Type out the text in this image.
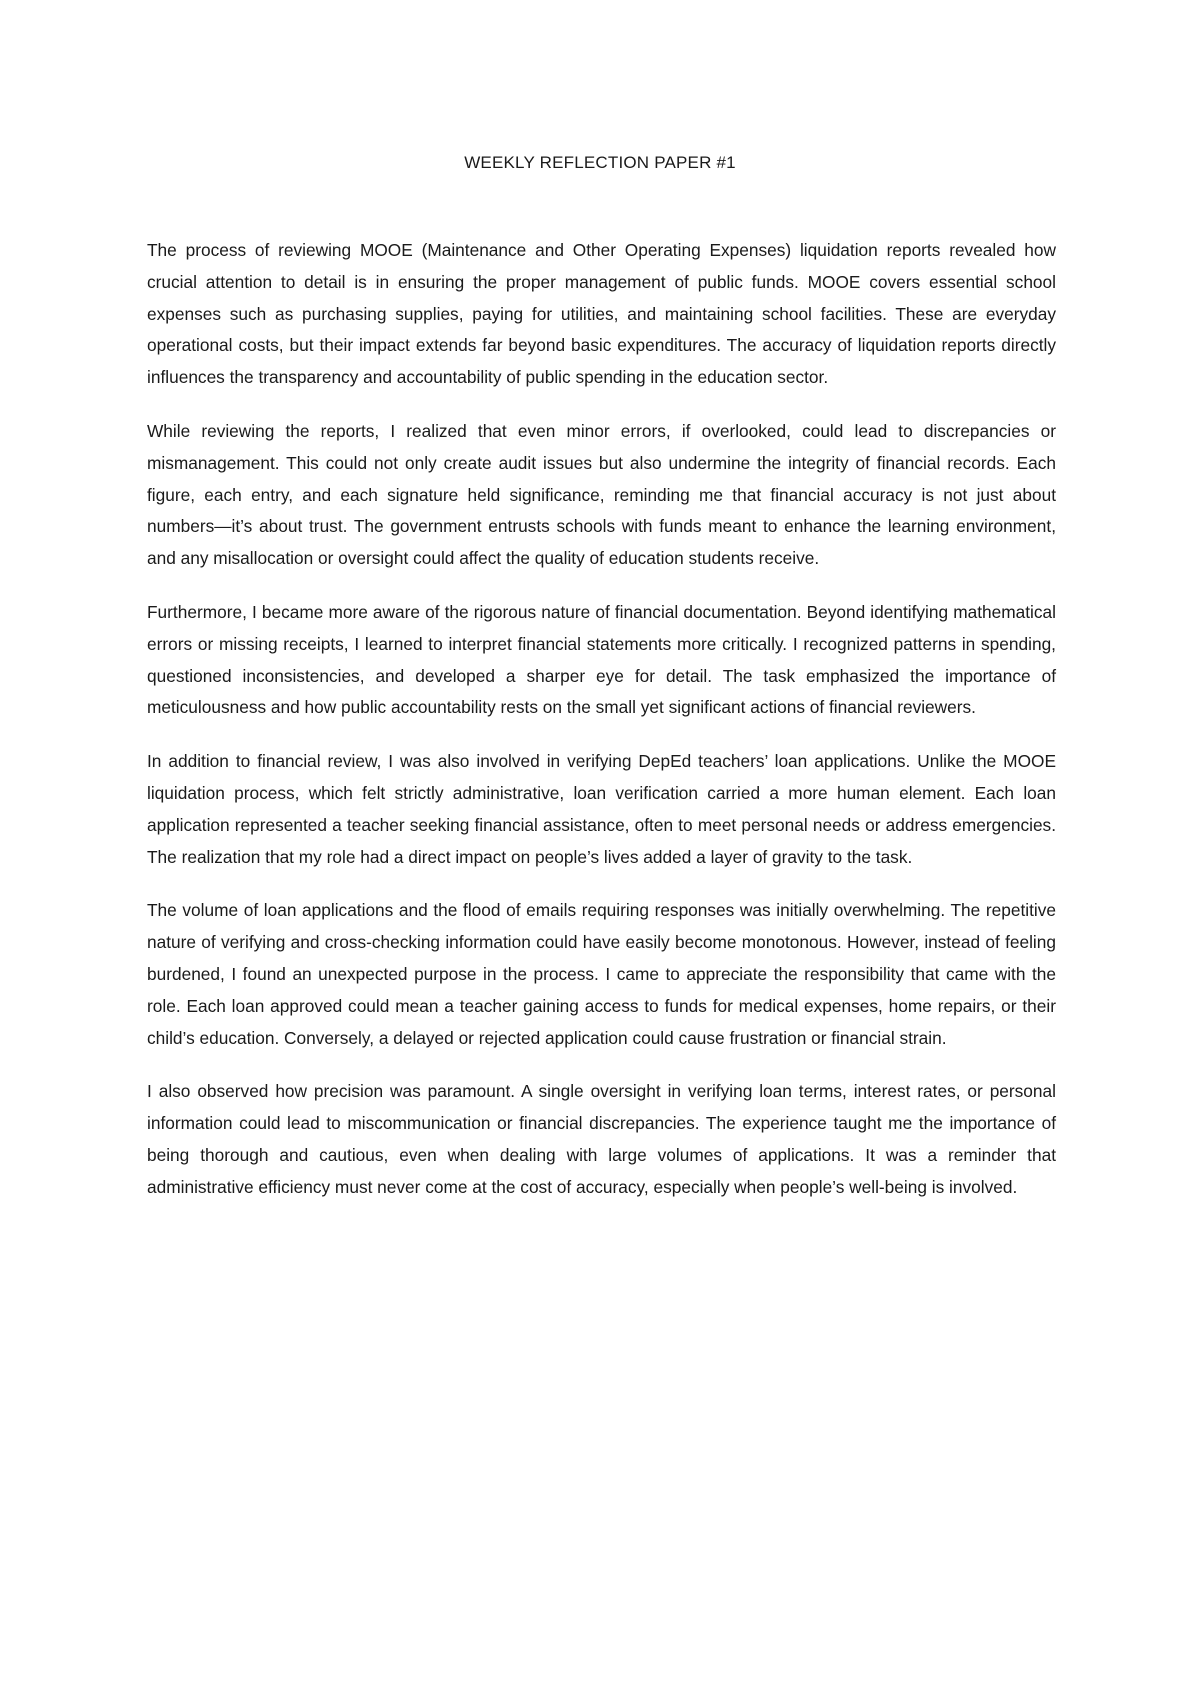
WEEKLY REFLECTION PAPER #1

The process of reviewing MOOE (Maintenance and Other Operating Expenses) liquidation reports revealed how crucial attention to detail is in ensuring the proper management of public funds. MOOE covers essential school expenses such as purchasing supplies, paying for utilities, and maintaining school facilities. These are everyday operational costs, but their impact extends far beyond basic expenditures. The accuracy of liquidation reports directly influences the transparency and accountability of public spending in the education sector.

While reviewing the reports, I realized that even minor errors, if overlooked, could lead to discrepancies or mismanagement. This could not only create audit issues but also undermine the integrity of financial records. Each figure, each entry, and each signature held significance, reminding me that financial accuracy is not just about numbers—it’s about trust. The government entrusts schools with funds meant to enhance the learning environment, and any misallocation or oversight could affect the quality of education students receive.

Furthermore, I became more aware of the rigorous nature of financial documentation. Beyond identifying mathematical errors or missing receipts, I learned to interpret financial statements more critically. I recognized patterns in spending, questioned inconsistencies, and developed a sharper eye for detail. The task emphasized the importance of meticulousness and how public accountability rests on the small yet significant actions of financial reviewers.

In addition to financial review, I was also involved in verifying DepEd teachers’ loan applications. Unlike the MOOE liquidation process, which felt strictly administrative, loan verification carried a more human element. Each loan application represented a teacher seeking financial assistance, often to meet personal needs or address emergencies. The realization that my role had a direct impact on people’s lives added a layer of gravity to the task.

The volume of loan applications and the flood of emails requiring responses was initially overwhelming. The repetitive nature of verifying and cross-checking information could have easily become monotonous. However, instead of feeling burdened, I found an unexpected purpose in the process. I came to appreciate the responsibility that came with the role. Each loan approved could mean a teacher gaining access to funds for medical expenses, home repairs, or their child’s education. Conversely, a delayed or rejected application could cause frustration or financial strain.

I also observed how precision was paramount. A single oversight in verifying loan terms, interest rates, or personal information could lead to miscommunication or financial discrepancies. The experience taught me the importance of being thorough and cautious, even when dealing with large volumes of applications. It was a reminder that administrative efficiency must never come at the cost of accuracy, especially when people’s well-being is involved.
